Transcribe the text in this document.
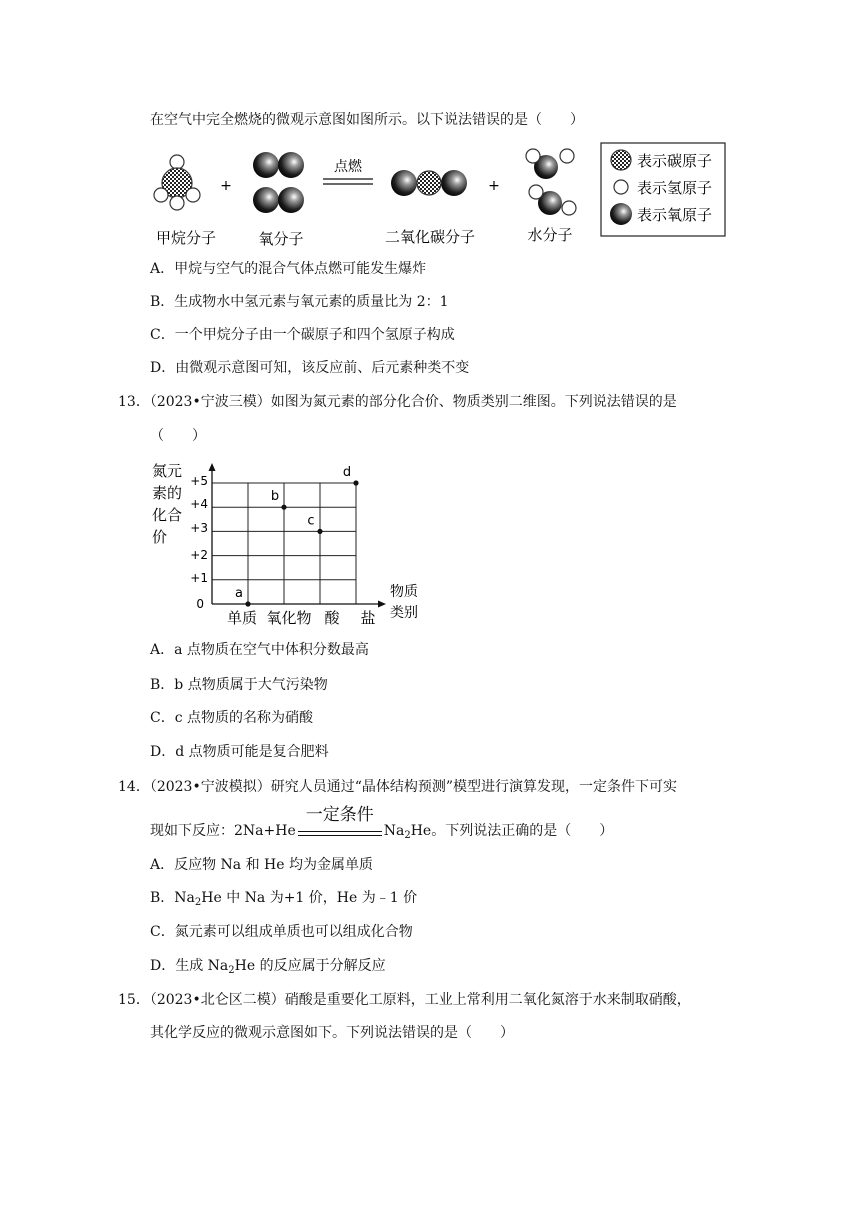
在空气中完全燃烧的微观示意图如图所示。以下说法错误的是（　　）
+
点燃
+
甲烷分子	氧分子	二氧化碳分子	水分子
表示碳原子
表示氢原子
表示氧原子
A．甲烷与空气的混合气体点燃可能发生爆炸
B．生成物水中氢元素与氧元素的质量比为 2：1
C．一个甲烷分子由一个碳原子和四个氢原子构成
D．由微观示意图可知，该反应前、后元素种类不变
13．（2023•宁波三模）如图为氮元素的部分化合价、物质类别二维图。下列说法错误的是
（　　）
氮元
素的
化合
价
物质
类别
+5
+4
+3
+2
+1
0
单质 氧化物 酸 盐
a
b
c
d
A．a 点物质在空气中体积分数最高
B．b 点物质属于大气污染物
C．c 点物质的名称为硝酸
D．d 点物质可能是复合肥料
14．（2023•宁波模拟）研究人员通过“晶体结构预测”模型进行演算发现，一定条件下可实
现如下反应：2Na+He
一定条件
$Na_2He$。下列说法正确的是（　　）
A．反应物 Na 和 He 均为金属单质
B．$Na_2He$ 中 Na 为+1 价，He 为﹣1 价
C．氮元素可以组成单质也可以组成化合物
D．生成 $Na_2He$ 的反应属于分解反应
15．（2023•北仑区二模）硝酸是重要化工原料，工业上常利用二氧化氮溶于水来制取硝酸，
其化学反应的微观示意图如下。下列说法错误的是（　　）
